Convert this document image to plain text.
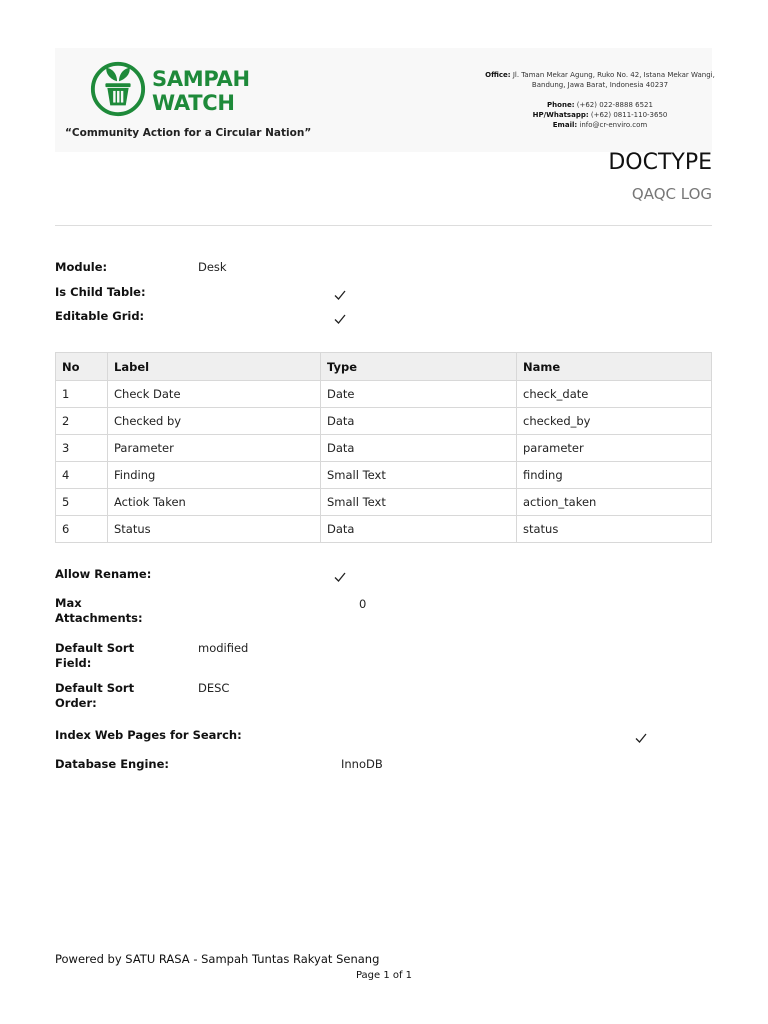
SAMPAH
WATCH
“Community Action for a Circular Nation”
Office: Jl. Taman Mekar Agung, Ruko No. 42, Istana Mekar Wangi, Bandung, Jawa Barat, Indonesia 40237
Phone: (+62) 022-8888 6521
HP/Whatsapp: (+62) 0811-110-3650
Email: info@cr-enviro.com
DOCTYPE
QAQC LOG
Module:	Desk
Is Child Table:
Editable Grid:
No	Label	Type	Name
1	Check Date	Date	check_date
2	Checked by	Data	checked_by
3	Parameter	Data	parameter
4	Finding	Small Text	finding
5	Actiok Taken	Small Text	action_taken
6	Status	Data	status
Allow Rename:
Max
Attachments:
0
Default Sort
Field:
modified
Default Sort
Order:
DESC
Index Web Pages for Search:
Database Engine:	InnoDB
Powered by SATU RASA - Sampah Tuntas Rakyat Senang
Page 1 of 1
